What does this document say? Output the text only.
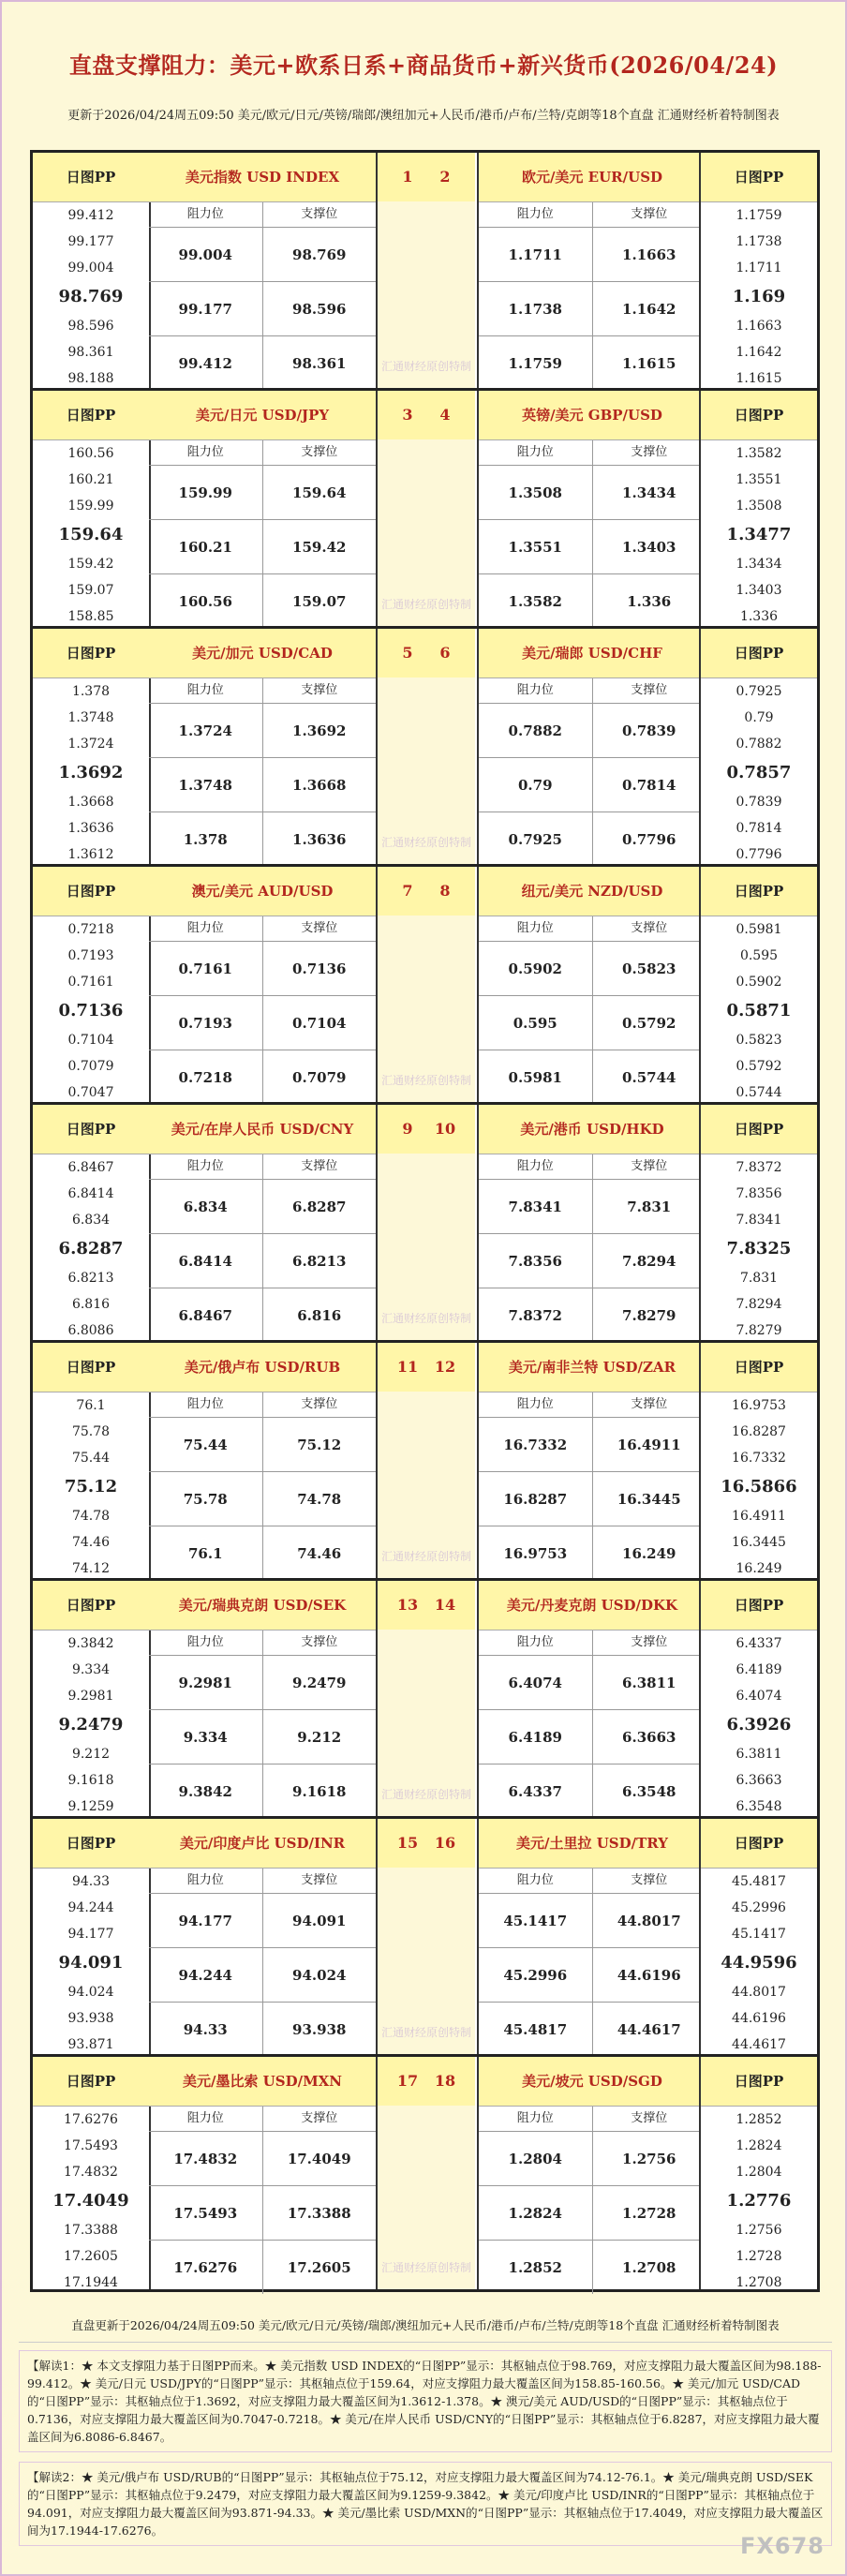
直盘支撑阻力：美元+欧系日系+商品货币+新兴货币(2026/04/24)
更新于2026/04/24周五09:50 美元/欧元/日元/英镑/瑞郎/澳纽加元+人民币/港币/卢布/兰特/克朗等18个直盘 汇通财经析着特制图表
日图PP
99.412
99.177
99.004
98.769
98.596
98.361
98.188
美元指数 USD INDEX
阻力位	支撑位
99.004	98.769
99.177	98.596
99.412	98.361
1 2
汇通财经原创特制
欧元/美元 EUR/USD
阻力位	支撑位
1.1711	1.1663
1.1738	1.1642
1.1759	1.1615
日图PP
1.1759
1.1738
1.1711
1.169
1.1663
1.1642
1.1615
日图PP
160.56
160.21
159.99
159.64
159.42
159.07
158.85
美元/日元 USD/JPY
阻力位	支撑位
159.99	159.64
160.21	159.42
160.56	159.07
3 4
汇通财经原创特制
英镑/美元 GBP/USD
阻力位	支撑位
1.3508	1.3434
1.3551	1.3403
1.3582	1.336
日图PP
1.3582
1.3551
1.3508
1.3477
1.3434
1.3403
1.336
日图PP
1.378
1.3748
1.3724
1.3692
1.3668
1.3636
1.3612
美元/加元 USD/CAD
阻力位	支撑位
1.3724	1.3692
1.3748	1.3668
1.378	1.3636
5 6
汇通财经原创特制
美元/瑞郎 USD/CHF
阻力位	支撑位
0.7882	0.7839
0.79	0.7814
0.7925	0.7796
日图PP
0.7925
0.79
0.7882
0.7857
0.7839
0.7814
0.7796
日图PP
0.7218
0.7193
0.7161
0.7136
0.7104
0.7079
0.7047
澳元/美元 AUD/USD
阻力位	支撑位
0.7161	0.7136
0.7193	0.7104
0.7218	0.7079
7 8
汇通财经原创特制
纽元/美元 NZD/USD
阻力位	支撑位
0.5902	0.5823
0.595	0.5792
0.5981	0.5744
日图PP
0.5981
0.595
0.5902
0.5871
0.5823
0.5792
0.5744
日图PP
6.8467
6.8414
6.834
6.8287
6.8213
6.816
6.8086
美元/在岸人民币 USD/CNY
阻力位	支撑位
6.834	6.8287
6.8414	6.8213
6.8467	6.816
9 10
汇通财经原创特制
美元/港币 USD/HKD
阻力位	支撑位
7.8341	7.831
7.8356	7.8294
7.8372	7.8279
日图PP
7.8372
7.8356
7.8341
7.8325
7.831
7.8294
7.8279
日图PP
76.1
75.78
75.44
75.12
74.78
74.46
74.12
美元/俄卢布 USD/RUB
阻力位	支撑位
75.44	75.12
75.78	74.78
76.1	74.46
11 12
汇通财经原创特制
美元/南非兰特 USD/ZAR
阻力位	支撑位
16.7332	16.4911
16.8287	16.3445
16.9753	16.249
日图PP
16.9753
16.8287
16.7332
16.5866
16.4911
16.3445
16.249
日图PP
9.3842
9.334
9.2981
9.2479
9.212
9.1618
9.1259
美元/瑞典克朗 USD/SEK
阻力位	支撑位
9.2981	9.2479
9.334	9.212
9.3842	9.1618
13 14
汇通财经原创特制
美元/丹麦克朗 USD/DKK
阻力位	支撑位
6.4074	6.3811
6.4189	6.3663
6.4337	6.3548
日图PP
6.4337
6.4189
6.4074
6.3926
6.3811
6.3663
6.3548
日图PP
94.33
94.244
94.177
94.091
94.024
93.938
93.871
美元/印度卢比 USD/INR
阻力位	支撑位
94.177	94.091
94.244	94.024
94.33	93.938
15 16
汇通财经原创特制
美元/土里拉 USD/TRY
阻力位	支撑位
45.1417	44.8017
45.2996	44.6196
45.4817	44.4617
日图PP
45.4817
45.2996
45.1417
44.9596
44.8017
44.6196
44.4617
日图PP
17.6276
17.5493
17.4832
17.4049
17.3388
17.2605
17.1944
美元/墨比索 USD/MXN
阻力位	支撑位
17.4832	17.4049
17.5493	17.3388
17.6276	17.2605
17 18
汇通财经原创特制
美元/坡元 USD/SGD
阻力位	支撑位
1.2804	1.2756
1.2824	1.2728
1.2852	1.2708
日图PP
1.2852
1.2824
1.2804
1.2776
1.2756
1.2728
1.2708
直盘更新于2026/04/24周五09:50 美元/欧元/日元/英镑/瑞郎/澳纽加元+人民币/港币/卢布/兰特/克朗等18个直盘 汇通财经析着特制图表
【解读1：★ 本文支撑阻力基于日图PP而来。★ 美元指数 USD INDEX的“日图PP”显示：其枢轴点位于98.769，对应支撑阻力最大覆盖区间为98.188-99.412。★ 美元/日元 USD/JPY的“日图PP”显示：其枢轴点位于159.64，对应支撑阻力最大覆盖区间为158.85-160.56。★ 美元/加元 USD/CAD的“日图PP”显示：其枢轴点位于1.3692，对应支撑阻力最大覆盖区间为1.3612-1.378。★ 澳元/美元 AUD/USD的“日图PP”显示：其枢轴点位于0.7136，对应支撑阻力最大覆盖区间为0.7047-0.7218。★ 美元/在岸人民币 USD/CNY的“日图PP”显示：其枢轴点位于6.8287，对应支撑阻力最大覆盖区间为6.8086-6.8467。
【解读2：★ 美元/俄卢布 USD/RUB的“日图PP”显示：其枢轴点位于75.12，对应支撑阻力最大覆盖区间为74.12-76.1。★ 美元/瑞典克朗 USD/SEK的“日图PP”显示：其枢轴点位于9.2479，对应支撑阻力最大覆盖区间为9.1259-9.3842。★ 美元/印度卢比 USD/INR的“日图PP”显示：其枢轴点位于94.091，对应支撑阻力最大覆盖区间为93.871-94.33。★ 美元/墨比索 USD/MXN的“日图PP”显示：其枢轴点位于17.4049，对应支撑阻力最大覆盖区间为17.1944-17.6276。
FX678
